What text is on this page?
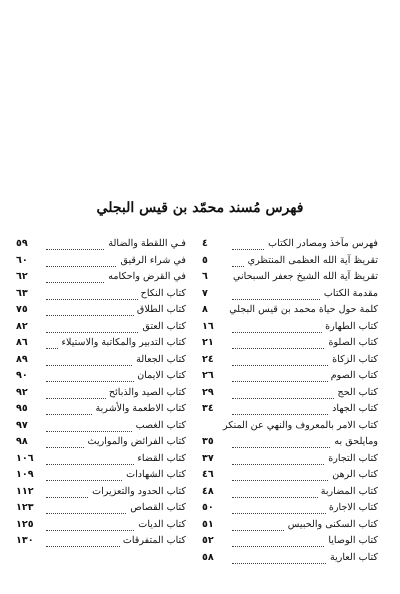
فهرس مُسند محمّد بن قيس البجلي
فهرس مآخذ ومصادر الكتاب
٤
تقريظ آية الله العظمى المنتظري
٥
تقريظ آية الله الشيخ جعفر السبحاني
٦
مقدمة الكتاب
٧
كلمة حول حياة محمد بن قيس البجلي
٨
كتاب الطهارة
١٦
كتاب الصلوة
٢١
كتاب الزكاة
٢٤
كتاب الصوم
٢٦
كتاب الحج
٢٩
كتاب الجهاد
٣٤
كتاب الامر بالمعروف والنهي عن المنكر
ومايلحق به
٣٥
كتاب التجارة
٣٧
كتاب الرهن
٤٦
كتاب المضاربة
٤٨
كتاب الاجارة
٥٠
كتاب السكنى والحبيس
٥١
كتاب الوصايا
٥٢
كتاب العارية
٥٨
فـي اللقطة والضالة
٥٩
في شراء الرقيق
٦٠
في القرض واحكامه
٦٢
كتاب النكاح
٦٣
كتاب الطلاق
٧٥
كتاب العتق
٨٢
كتاب التدبير والمكاتبة والاستيلاء
٨٦
كتاب الجعالة
٨٩
كتاب الايمان
٩٠
كتاب الصيد والذبائح
٩٢
كتاب الاطعمة والأشربة
٩٥
كتاب الغصب
٩٧
كتاب الفرائض والمواريث
٩٨
كتاب القضاء
١٠٦
كتاب الشهادات
١٠٩
كتاب الحدود والتعزيرات
١١٢
كتاب القصاص
١٢٣
كتاب الديات
١٢٥
كتاب المتفرقات
١٣٠
